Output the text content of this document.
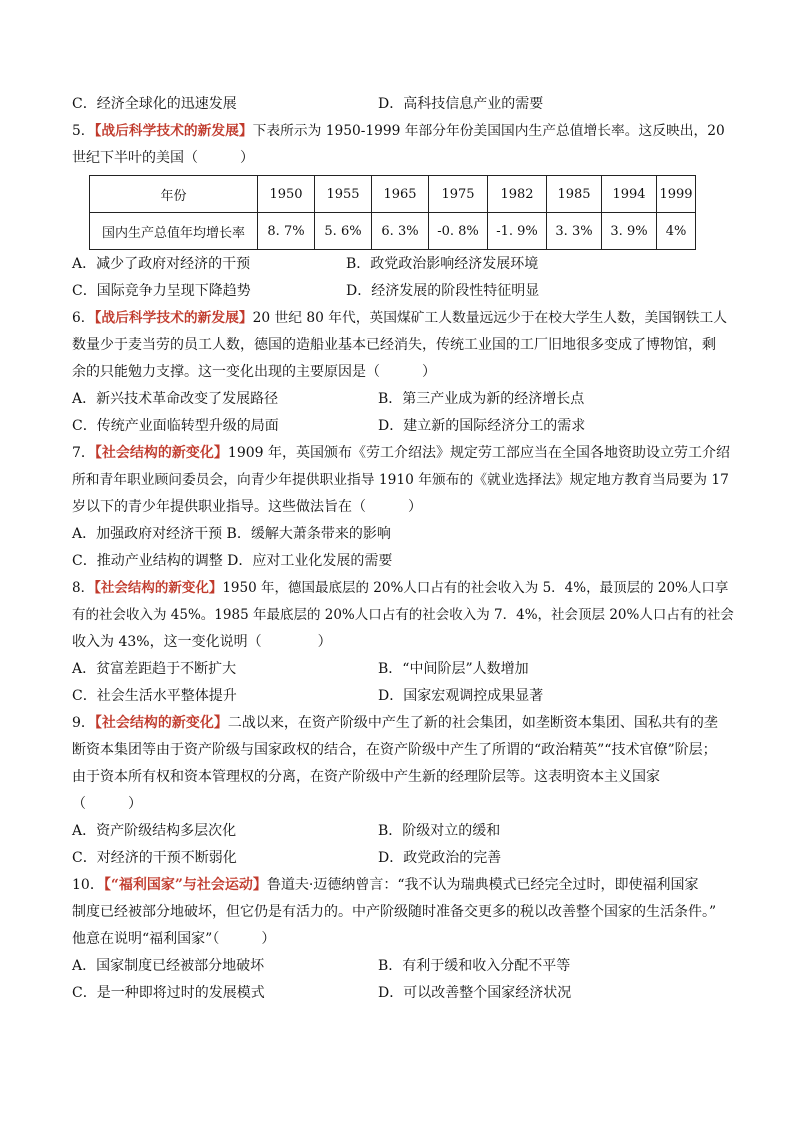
C．经济全球化的迅速发展	D．高科技信息产业的需要
5．【战后科学技术的新发展】下表所示为 1950-1999 年部分年份美国国内生产总值增长率。这反映出，20
世纪下半叶的美国（　　　）
年份	1950	1955	1965	1975	1982	1985	1994	1999
国内生产总值年均增长率	8. 7%	5. 6%	6. 3%	-0. 8%	-1. 9%	3. 3%	3. 9%	4%
A．减少了政府对经济的干预	B．政党政治影响经济发展环境
C．国际竞争力呈现下降趋势	D．经济发展的阶段性特征明显
6．【战后科学技术的新发展】20 世纪 80 年代，英国煤矿工人数量远远少于在校大学生人数，美国钢铁工人
数量少于麦当劳的员工人数，德国的造船业基本已经消失，传统工业国的工厂旧地很多变成了博物馆，剩
余的只能勉力支撑。这一变化出现的主要原因是（　　　）
A．新兴技术革命改变了发展路径	B．第三产业成为新的经济增长点
C．传统产业面临转型升级的局面	D．建立新的国际经济分工的需求
7．【社会结构的新变化】1909 年，英国颁布《劳工介绍法》规定劳工部应当在全国各地资助设立劳工介绍
所和青年职业顾问委员会，向青少年提供职业指导 1910 年颁布的《就业选择法》规定地方教育当局要为 17
岁以下的青少年提供职业指导。这些做法旨在（　　　）
A．加强政府对经济干预 B．缓解大萧条带来的影响
C．推动产业结构的调整 D．应对工业化发展的需要
8．【社会结构的新变化】1950 年，德国最底层的 20%人口占有的社会收入为 5．4%，最顶层的 20%人口享
有的社会收入为 45%。1985 年最底层的 20%人口占有的社会收入为 7．4%，社会顶层 20%人口占有的社会
收入为 43%，这一变化说明（　　　　）
A．贫富差距趋于不断扩大	B．“中间阶层”人数增加
C．社会生活水平整体提升	D．国家宏观调控成果显著
9．【社会结构的新变化】二战以来，在资产阶级中产生了新的社会集团，如垄断资本集团、国私共有的垄
断资本集团等由于资产阶级与国家政权的结合，在资产阶级中产生了所谓的“政治精英”“技术官僚”阶层；
由于资本所有权和资本管理权的分离，在资产阶级中产生新的经理阶层等。这表明资本主义国家
（　　　）
A．资产阶级结构多层次化	B．阶级对立的缓和
C．对经济的干预不断弱化	D．政党政治的完善
10．【“福利国家”与社会运动】鲁道夫·迈德纳曾言：“我不认为瑞典模式已经完全过时，即使福利国家
制度已经被部分地破坏，但它仍是有活力的。中产阶级随时准备交更多的税以改善整个国家的生活条件。”
他意在说明“福利国家”（　　　）
A．国家制度已经被部分地破坏	B．有利于缓和收入分配不平等
C．是一种即将过时的发展模式	D．可以改善整个国家经济状况
